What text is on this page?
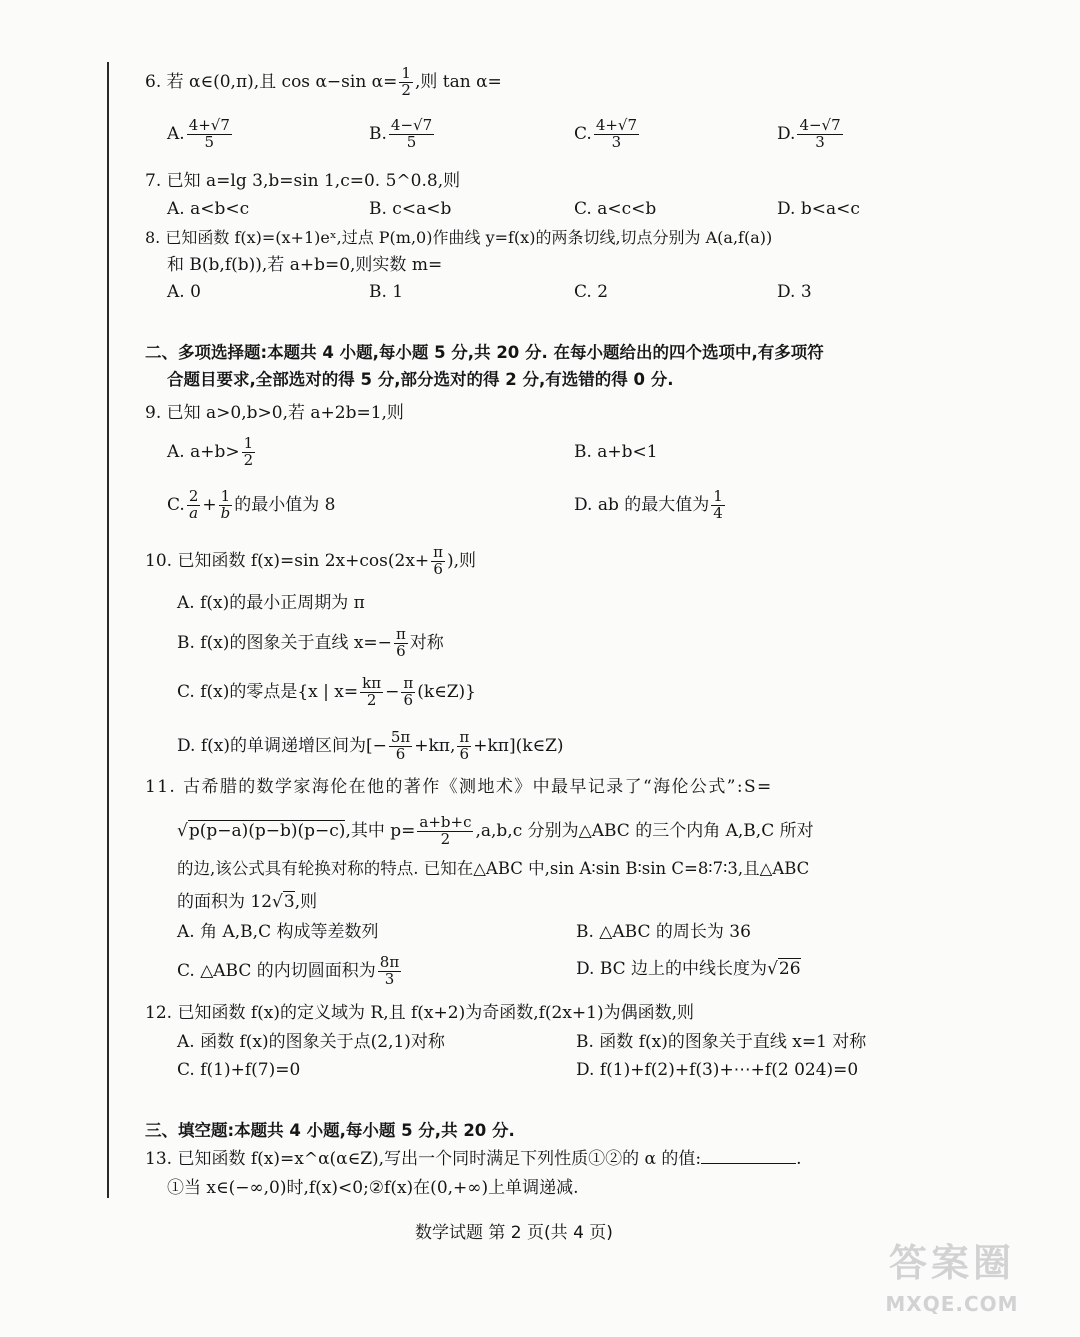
6. 若 α∈(0,π),且 cos α−sin $\alpha= \frac{1}{2}$ ,则 tan α=
A. $\frac{4+√7}{5}$	B. $\frac{4-√7}{5}$	C. $\frac{4+√7}{3}$	D. $\frac{4-√7}{3}$
7. 已知 a=lg 3,b=sin 1,c=0. 5^0.8,则
A. a<b<c	B. c<a<b	C. a<c<b	D. b<a<c
8. 已知函数 f(x)=(x+1)eˣ,过点 P(m,0)作曲线 y=f(x)的两条切线,切点分别为 A(a,f(a))
和 B(b,f(b)),若 a+b=0,则实数 m=
A. 0	B. 1	C. 2	D. 3
二、多项选择题:本题共 4 小题,每小题 5 分,共 20 分. 在每小题给出的四个选项中,有多项符
合题目要求,全部选对的得 5 分,部分选对的得 2 分,有选错的得 0 分.
9. 已知 a>0,b>0,若 a+2b=1,则
A. $a+b> \frac{1}{2}$	B. a+b<1
C. $\frac{2}{a} + \frac{1}{b}$ 的最小值为 8	D. ab 的最大值为 $\frac{1}{4}$
10. 已知函数 f(x)=sin $2x+\cos(2x+ \frac{\pi}{6}$ ),则
A. f(x)的最小正周期为 π
B. f(x)的图象关于直线 $x=- \frac{\pi}{6}$ 对称
C. f(x)的零点是{x | $x= \frac{k\pi}{2} - \frac{\pi}{6}$ (k∈Z)}
D. f(x)的单调递增区间为[− $\frac{5\pi}{6} +k\pi$, $\frac{\pi}{6}$ +kπ](k∈Z)
11. 古希腊的数学家海伦在他的著作《测地术》中最早记录了“海伦公式”:S=
√p(p−a)(p−b)(p−c),其中 $p= \frac{a+b+c}{2} ,a,b,c$ 分别为△ABC 的三个内角 A,B,C 所对
的边,该公式具有轮换对称的特点. 已知在△ABC 中,sin A∶sin B∶sin C=8∶7∶3,且△ABC
的面积为 12√3,则
A. 角 A,B,C 构成等差数列	B. △ABC 的周长为 36
C. △ABC 的内切圆面积为 $\frac{8\pi}{3}$	D. BC 边上的中线长度为√26
12. 已知函数 f(x)的定义域为 R,且 f(x+2)为奇函数,f(2x+1)为偶函数,则
A. 函数 f(x)的图象关于点(2,1)对称	B. 函数 f(x)的图象关于直线 x=1 对称
C. f(1)+f(7)=0	D. f(1)+f(2)+f(3)+⋯+f(2 024)=0
三、填空题:本题共 4 小题,每小题 5 分,共 20 分.
13. 已知函数 f(x)=x^α(α∈Z),写出一个同时满足下列性质①②的 α 的值:	.
①当 x∈(−∞,0)时,f(x)<0;②f(x)在(0,+∞)上单调递减.
数学试题 第 2 页(共 4 页)
答案圈
MXQE.COM
